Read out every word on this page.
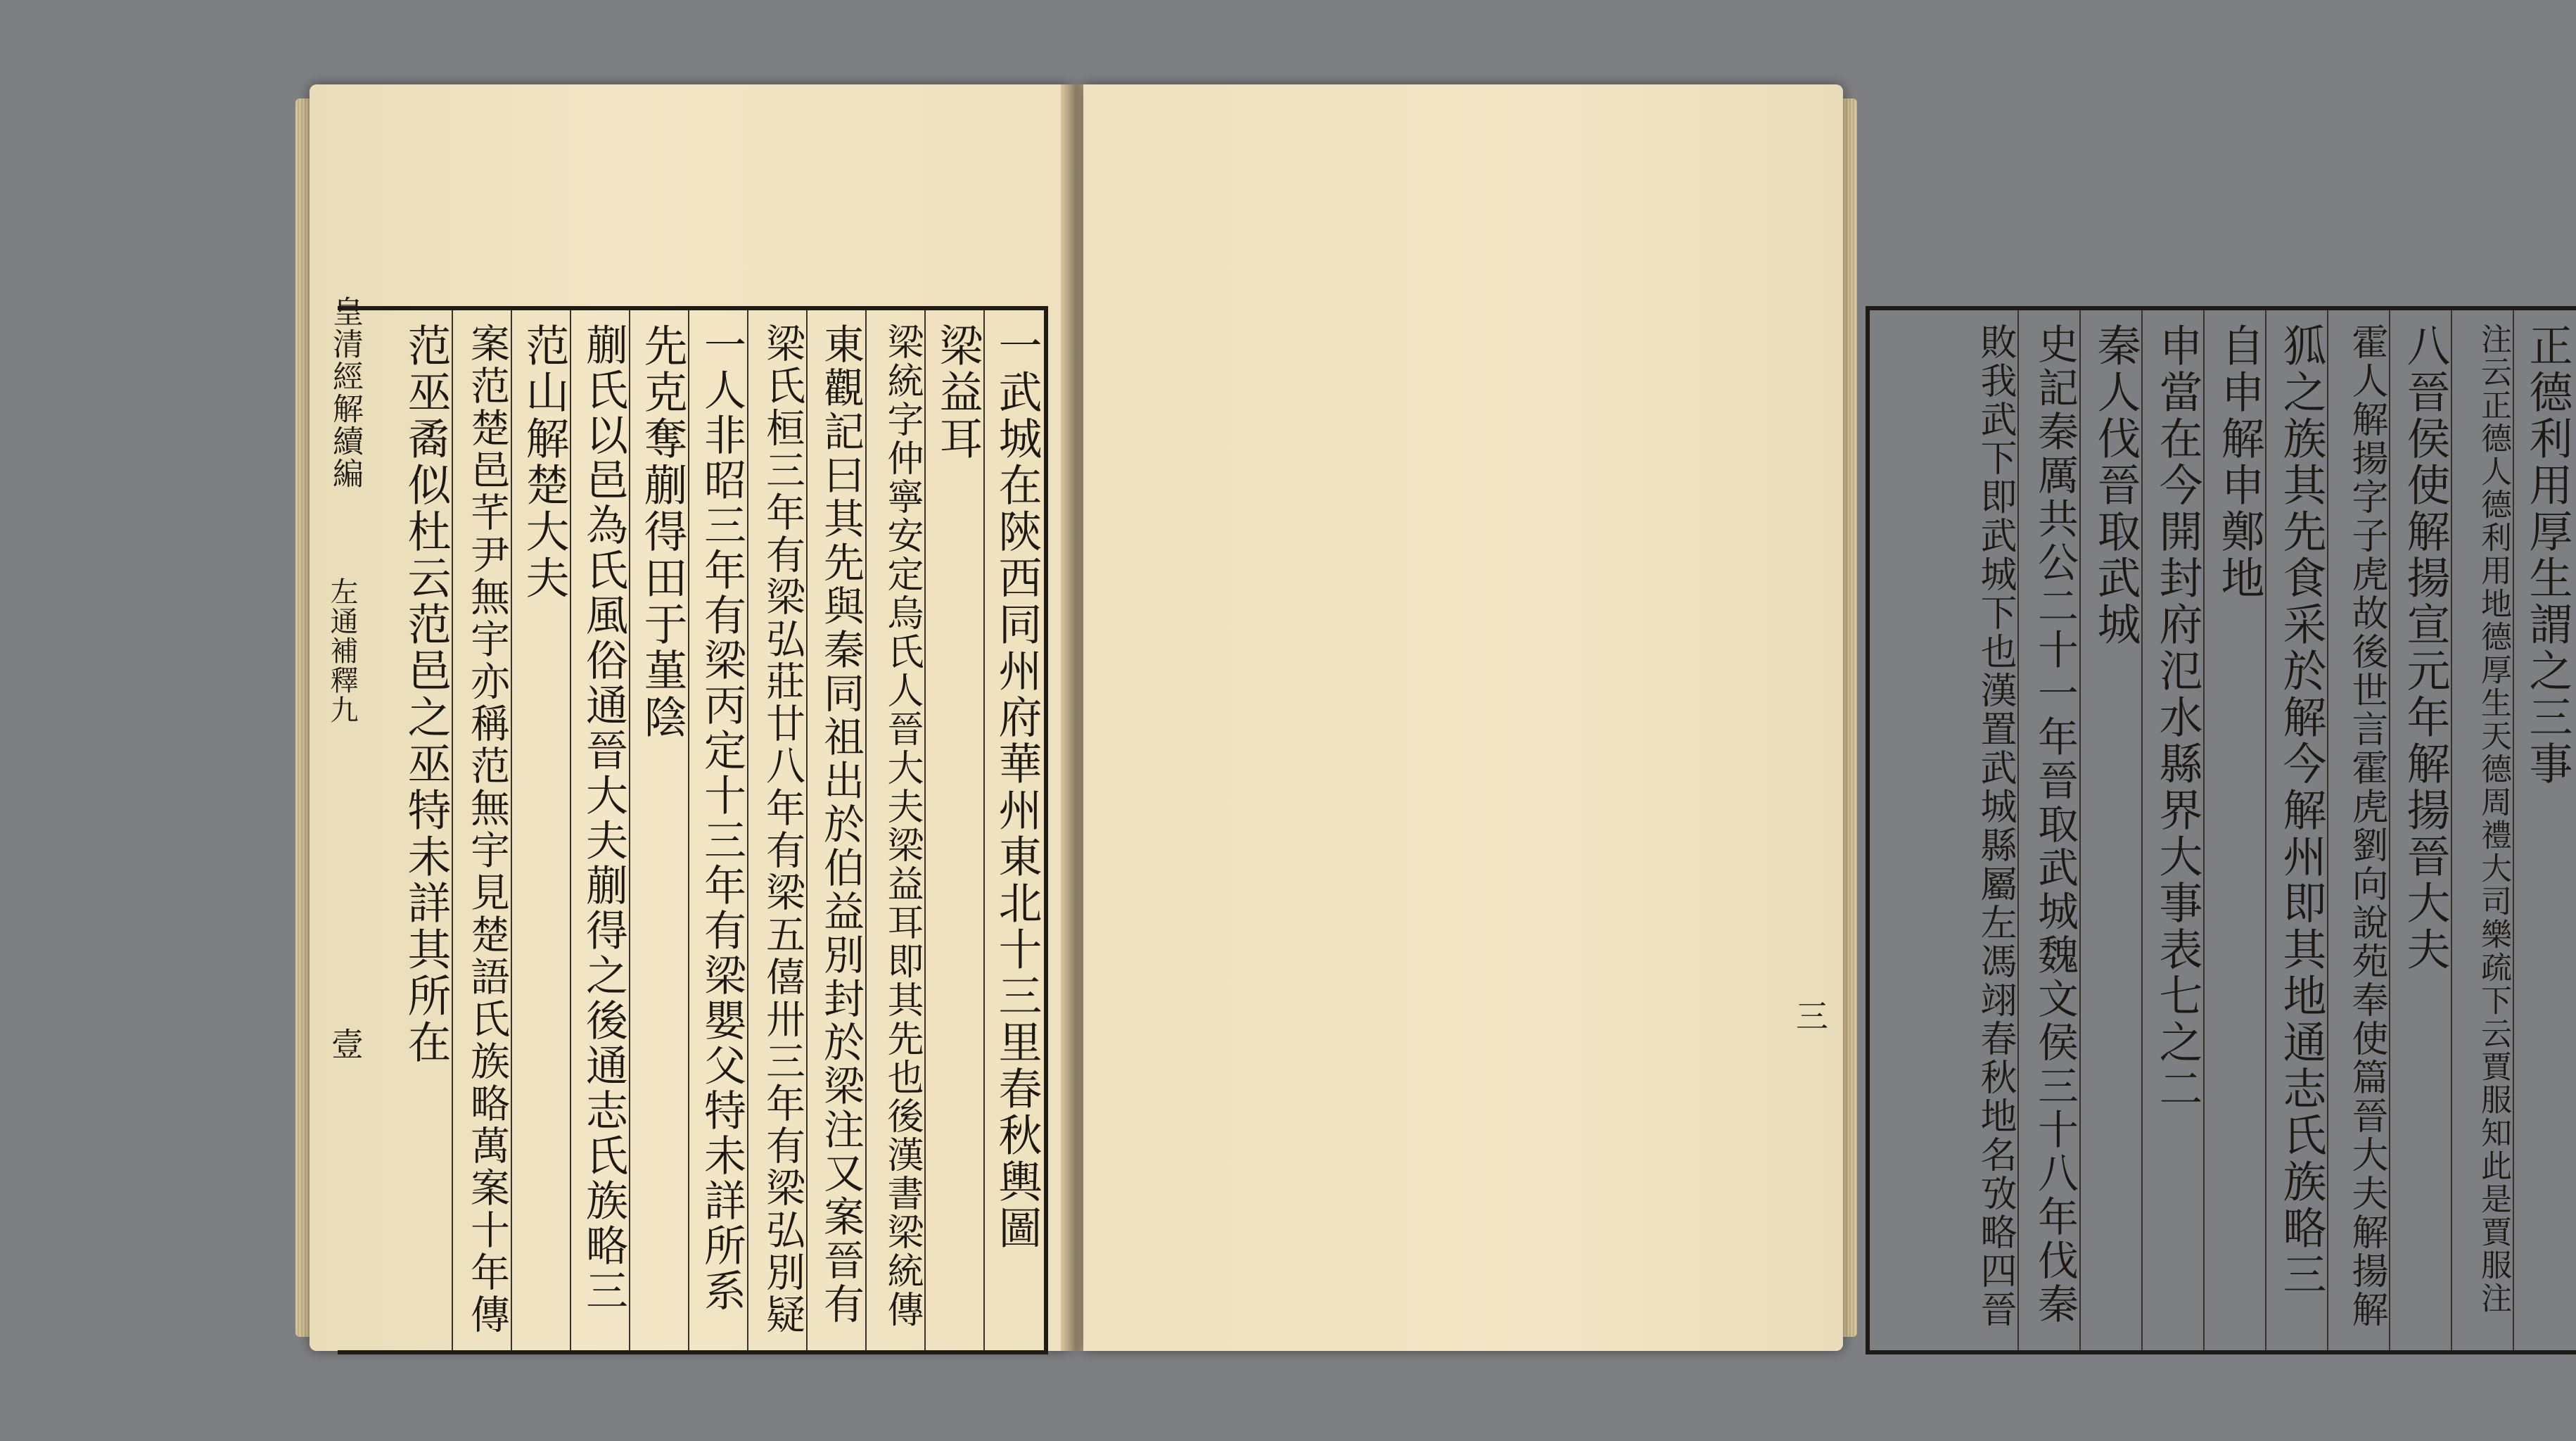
皇清經解續編
左通補釋九
壹	一武城在陝西同州府華州東北十三里春秋輿圖
梁益耳
梁統字仲寧安定烏氏人晉大夫梁益耳即其先也後漢書梁統傳
東觀記曰其先與秦同祖出於伯益別封於梁注又案晉有
梁氏桓三年有梁弘莊廿八年有梁五僖卅三年有梁弘別疑
一人非昭三年有梁丙定十三年有梁嬰父特未詳所系
先克奪蒯得田于堇陰
蒯氏以邑為氏風俗通晉大夫蒯得之後通志氏族略三
范山解楚大夫
案范楚邑芊尹無宇亦稱范無宇見楚語氏族略萬案十年傳
范巫矞似杜云范邑之巫特未詳其所在	三
正德利用厚生謂之三事
注云正德人德利用地德厚生天德周禮大司樂疏下云賈服知此是賈服注
八晉侯使解揚宣元年解揚晉大夫
霍人解揚字子虎故後世言霍虎劉向說苑奉使篇晉大夫解揚解
狐之族其先食采於解今解州即其地通志氏族略三
自申解申鄭地
申當在今開封府氾水縣界大事表七之二
秦人伐晉取武城
史記秦厲共公二十一年晉取武城魏文侯三十八年伐秦
敗我武下即武城下也漢置武城縣屬左馮翊春秋地名攷略四晉
